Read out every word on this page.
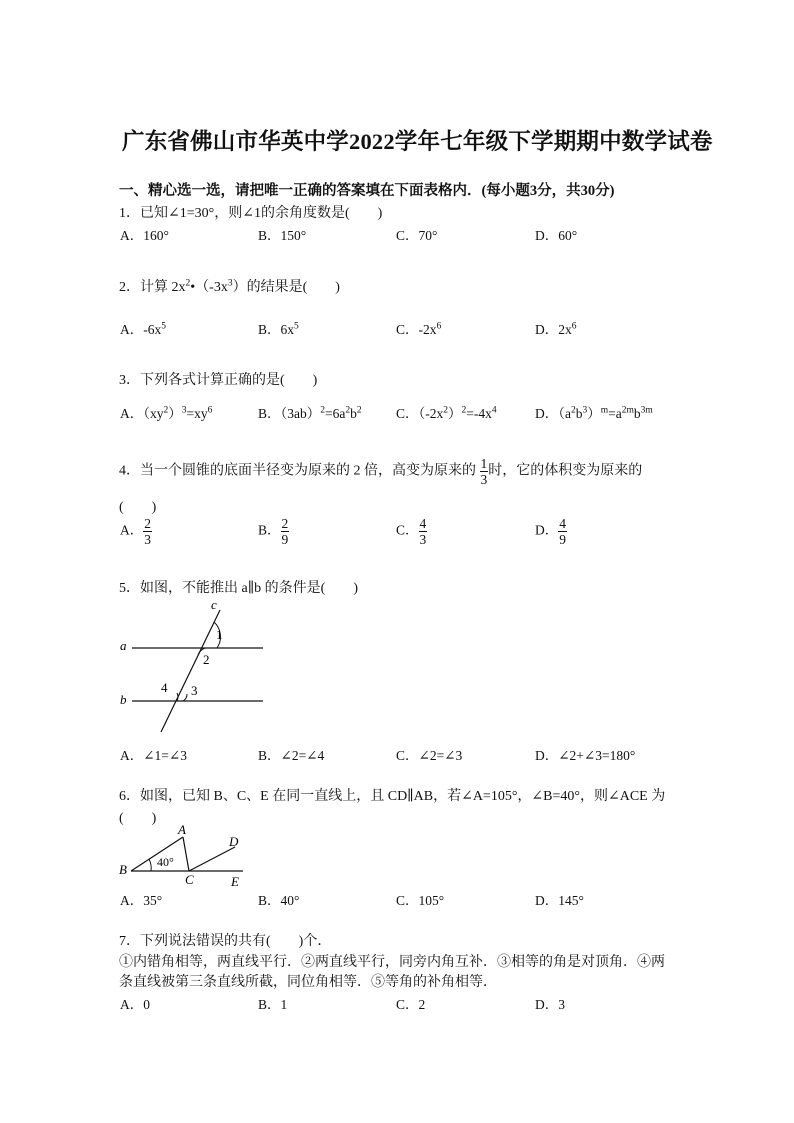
广东省佛山市华英中学2022学年七年级下学期期中数学试卷
一、精心选一选，请把唯一正确的答案填在下面表格内．(每小题3分，共30分)
1．已知∠1=30°，则∠1的余角度数是(　　)
A．160°	B．150°	C．70°	D．60°
2．计算 $2x^2•(-3x^3)$的结果是(　　)
A．$-6x^5$	B．$6x^5$	C．$-2x^6$	D．$2x^6$
3．下列各式计算正确的是(　　)
A．$(xy^2)^3=xy^6$	B．$(3ab)^2=6a^2b^2$	C．$(-2x^2)^2=-4x^4$	D．$(a^2b^3)^m=a^{2m}b^{3m}$
4．当一个圆锥的底面半径变为原来的 2 倍，高变为原来的 $\frac{1}{3}$ 时，它的体积变为原来的
(　　)
A． $\frac{2}{3}$	B． $\frac{2}{9}$	C． $\frac{4}{3}$	D． $\frac{4}{9}$
5．如图，不能推出 a∥b 的条件是(　　)
c
a
b
1
2
3
4
A．∠1=∠3	B．∠2=∠4	C．∠2=∠3	D．∠2+∠3=180°
6．如图，已知 B、C、E 在同一直线上，且 CD∥AB，若∠A=105°，∠B=40°，则∠ACE 为
(　　)
A
B
C
D
E
40°
A．35°	B．40°	C．105°	D．145°
7．下列说法错误的共有(　　)个．
①内错角相等，两直线平行．②两直线平行，同旁内角互补．③相等的角是对顶角．④两
条直线被第三条直线所截，同位角相等．⑤等角的补角相等．
A．0	B．1	C．2	D．3
